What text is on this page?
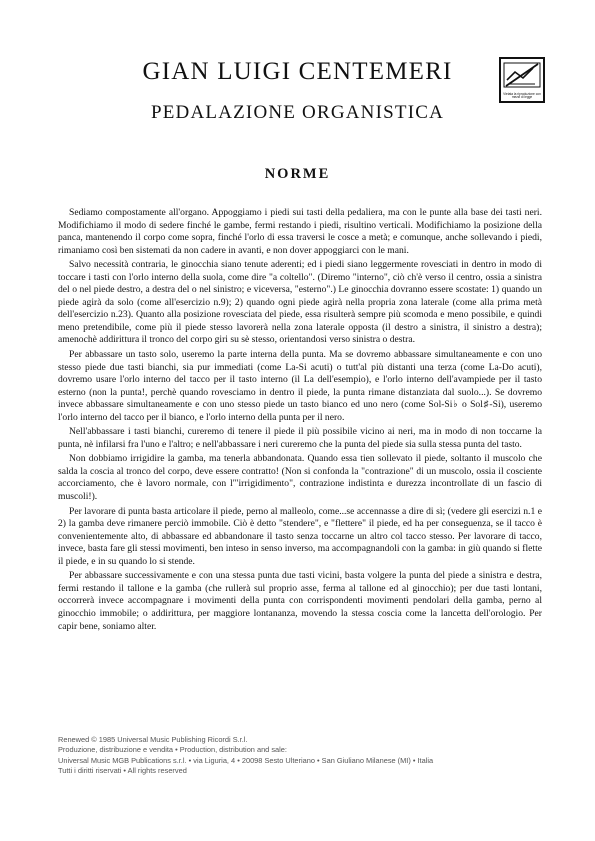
GIAN LUIGI CENTEMERI
PEDALAZIONE ORGANISTICA
NORME
Vietata la riproduzione con mezzi di legge

Sediamo compostamente all'organo. Appoggiamo i piedi sui tasti della pedaliera, ma con le punte alla base dei tasti neri. Modifichiamo il modo di sedere finché le gambe, fermi restando i piedi, risultino verticali. Modifichiamo la posizione della panca, mantenendo il corpo come sopra, finché l'orlo di essa traversi le cosce a metà; e comunque, anche sollevando i piedi, rimaniamo così ben sistemati da non cadere in avanti, e non dover appoggiarci con le mani.

Salvo necessità contraria, le ginocchia siano tenute aderenti; ed i piedi siano leggermente rovesciati in dentro in modo di toccare i tasti con l'orlo interno della suola, come dire "a coltello". (Diremo "interno", ciò ch'è verso il centro, ossia a sinistra del o nel piede destro, a destra del o nel sinistro; e viceversa, "esterno".) Le ginocchia dovranno essere scostate: 1) quando un piede agirà da solo (come all'esercizio n.9); 2) quando ogni piede agirà nella propria zona laterale (come alla prima metà dell'esercizio n.23). Quanto alla posizione rovesciata del piede, essa risulterà sempre più scomoda e meno possibile, e quindi meno pretendibile, come più il piede stesso lavorerà nella zona laterale opposta (il destro a sinistra, il sinistro a destra); amenochè addirittura il tronco del corpo giri su sè stesso, orientandosi verso sinistra o destra.

Per abbassare un tasto solo, useremo la parte interna della punta. Ma se dovremo abbassare simultaneamente e con uno stesso piede due tasti bianchi, sia pur immediati (come La-Si acuti) o tutt'al più distanti una terza (come La-Do acuti), dovremo usare l'orlo interno del tacco per il tasto interno (il La dell'esempio), e l'orlo interno dell'avampiede per il tasto esterno (non la punta!, perchè quando rovesciamo in dentro il piede, la punta rimane distanziata dal suolo...). Se dovremo invece abbassare simultaneamente e con uno stesso piede un tasto bianco ed uno nero (come Sol-Si♭ o Sol♯-Si), useremo l'orlo interno del tacco per il bianco, e l'orlo interno della punta per il nero.

Nell'abbassare i tasti bianchi, cureremo di tenere il piede il più possibile vicino ai neri, ma in modo di non toccarne la punta, nè infilarsi fra l'uno e l'altro; e nell'abbassare i neri cureremo che la punta del piede sia sulla stessa punta del tasto.

Non dobbiamo irrigidire la gamba, ma tenerla abbandonata. Quando essa tien sollevato il piede, soltanto il muscolo che salda la coscia al tronco del corpo, deve essere contratto! (Non si confonda la "contrazione" di un muscolo, ossia il cosciente accorciamento, che è lavoro normale, con l'"irrigidimento", contrazione indistinta e durezza incontrollate di un fascio di muscoli!).

Per lavorare di punta basta articolare il piede, perno al malleolo, come...se accennasse a dire di sì; (vedere gli esercizi n.1 e 2) la gamba deve rimanere perciò immobile. Ciò è detto "stendere", e "flettere" il piede, ed ha per conseguenza, se il tacco è convenientemente alto, di abbassare ed abbandonare il tasto senza toccarne un altro col tacco stesso. Per lavorare di tacco, invece, basta fare gli stessi movimenti, ben inteso in senso inverso, ma accompagnandoli con la gamba: in giù quando si flette il piede, e in su quando lo si stende.

Per abbassare successivamente e con una stessa punta due tasti vicini, basta volgere la punta del piede a sinistra e destra, fermi restando il tallone e la gamba (che rullerà sul proprio asse, ferma al tallone ed al ginocchio); per due tasti lontani, occorrerà invece accompagnare i movimenti della punta con corrispondenti movimenti pendolari della gamba, perno al ginocchio immobile; o addirittura, per maggiore lontananza, movendo la stessa coscia come la lancetta dell'orologio. Per capir bene, soniamo alter.

Renewed © 1985 Universal Music Publishing Ricordi S.r.l.
Produzione, distribuzione e vendita • Production, distribution and sale:
Universal Music MGB Publications s.r.l. • via Liguria, 4 • 20098 Sesto Ulteriano • San Giuliano Milanese (MI) • Italia
Tutti i diritti riservati • All rights reserved
